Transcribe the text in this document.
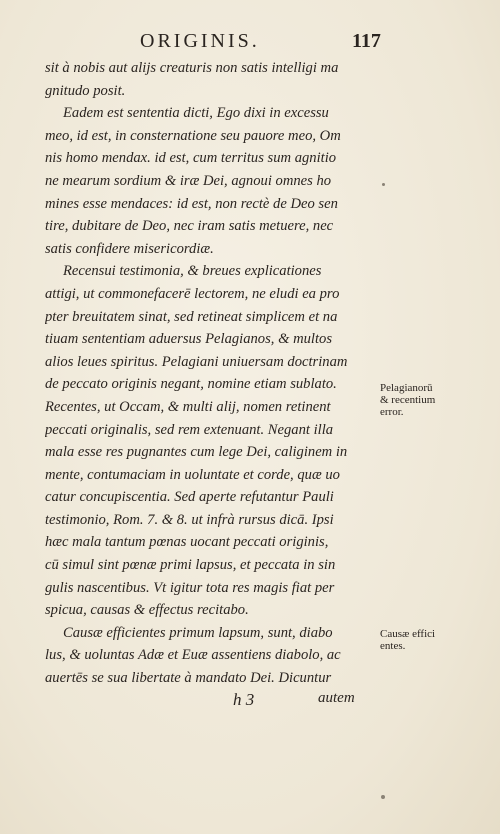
ORIGINIS.	117
sit à nobis aut alijs creaturis non satis intelligi ma
gnitudo posit.
Eadem est sententia dicti, Ego dixi in excessu
meo, id est, in consternatione seu pauore meo, Om
nis homo mendax. id est, cum territus sum agnitio
ne mearum sordium & iræ Dei, agnoui omnes ho
mines esse mendaces: id est, non rectè de Deo sen
tire, dubitare de Deo, nec iram satis metuere, nec
satis confidere misericordiæ.
Recensui testimonia, & breues explicationes
attigi, ut commonefacerē lectorem, ne eludi ea pro
pter breuitatem sinat, sed retineat simplicem et na
tiuam sententiam aduersus Pelagianos, & multos
alios leues spiritus. Pelagiani uniuersam doctrinam
de peccato originis negant, nomine etiam sublato.
Recentes, ut Occam, & multi alij, nomen retinent
peccati originalis, sed rem extenuant. Negant illa
mala esse res pugnantes cum lege Dei, caliginem in
mente, contumaciam in uoluntate et corde, quæ uo
catur concupiscentia. Sed aperte refutantur Pauli
testimonio, Rom. 7. & 8. ut infrà rursus dicā. Ipsi
hæc mala tantum pœnas uocant peccati originis,
cū simul sint pœnæ primi lapsus, et peccata in sin
gulis nascentibus. Vt igitur tota res magis fiat per
spicua, causas & effectus recitabo.
Causæ efficientes primum lapsum, sunt, diabo
lus, & uoluntas Adæ et Euæ assentiens diabolo, ac
auertēs se sua libertate à mandato Dei. Dicuntur
Pelagianorū
& recentium
error.
Causæ effici
entes.
h 3	autem
